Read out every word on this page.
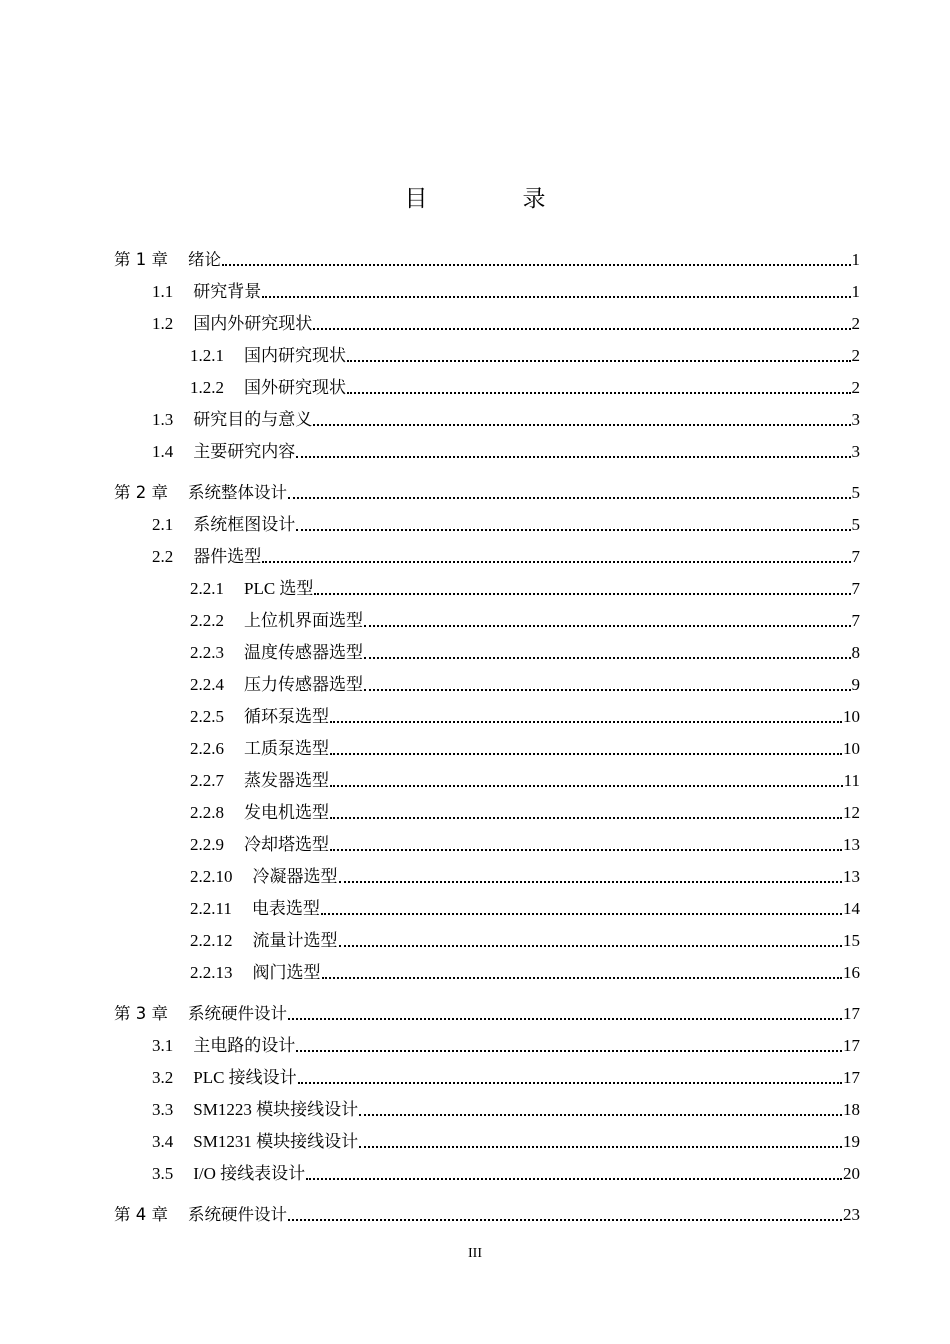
目　录
第 1 章 绪论	1
1.1 研究背景	1
1.2 国内外研究现状	2
1.2.1 国内研究现状	2
1.2.2 国外研究现状	2
1.3 研究目的与意义	3
1.4 主要研究内容	3
第 2 章 系统整体设计	5
2.1 系统框图设计	5
2.2 器件选型	7
2.2.1 PLC 选型	7
2.2.2 上位机界面选型	7
2.2.3 温度传感器选型	8
2.2.4 压力传感器选型	9
2.2.5 循环泵选型	10
2.2.6 工质泵选型	10
2.2.7 蒸发器选型	11
2.2.8 发电机选型	12
2.2.9 冷却塔选型	13
2.2.10 冷凝器选型	13
2.2.11 电表选型	14
2.2.12 流量计选型	15
2.2.13 阀门选型	16
第 3 章 系统硬件设计	17
3.1 主电路的设计	17
3.2 PLC 接线设计	17
3.3 SM1223 模块接线设计	18
3.4 SM1231 模块接线设计	19
3.5 I/O 接线表设计	20
第 4 章 系统硬件设计	23
III
